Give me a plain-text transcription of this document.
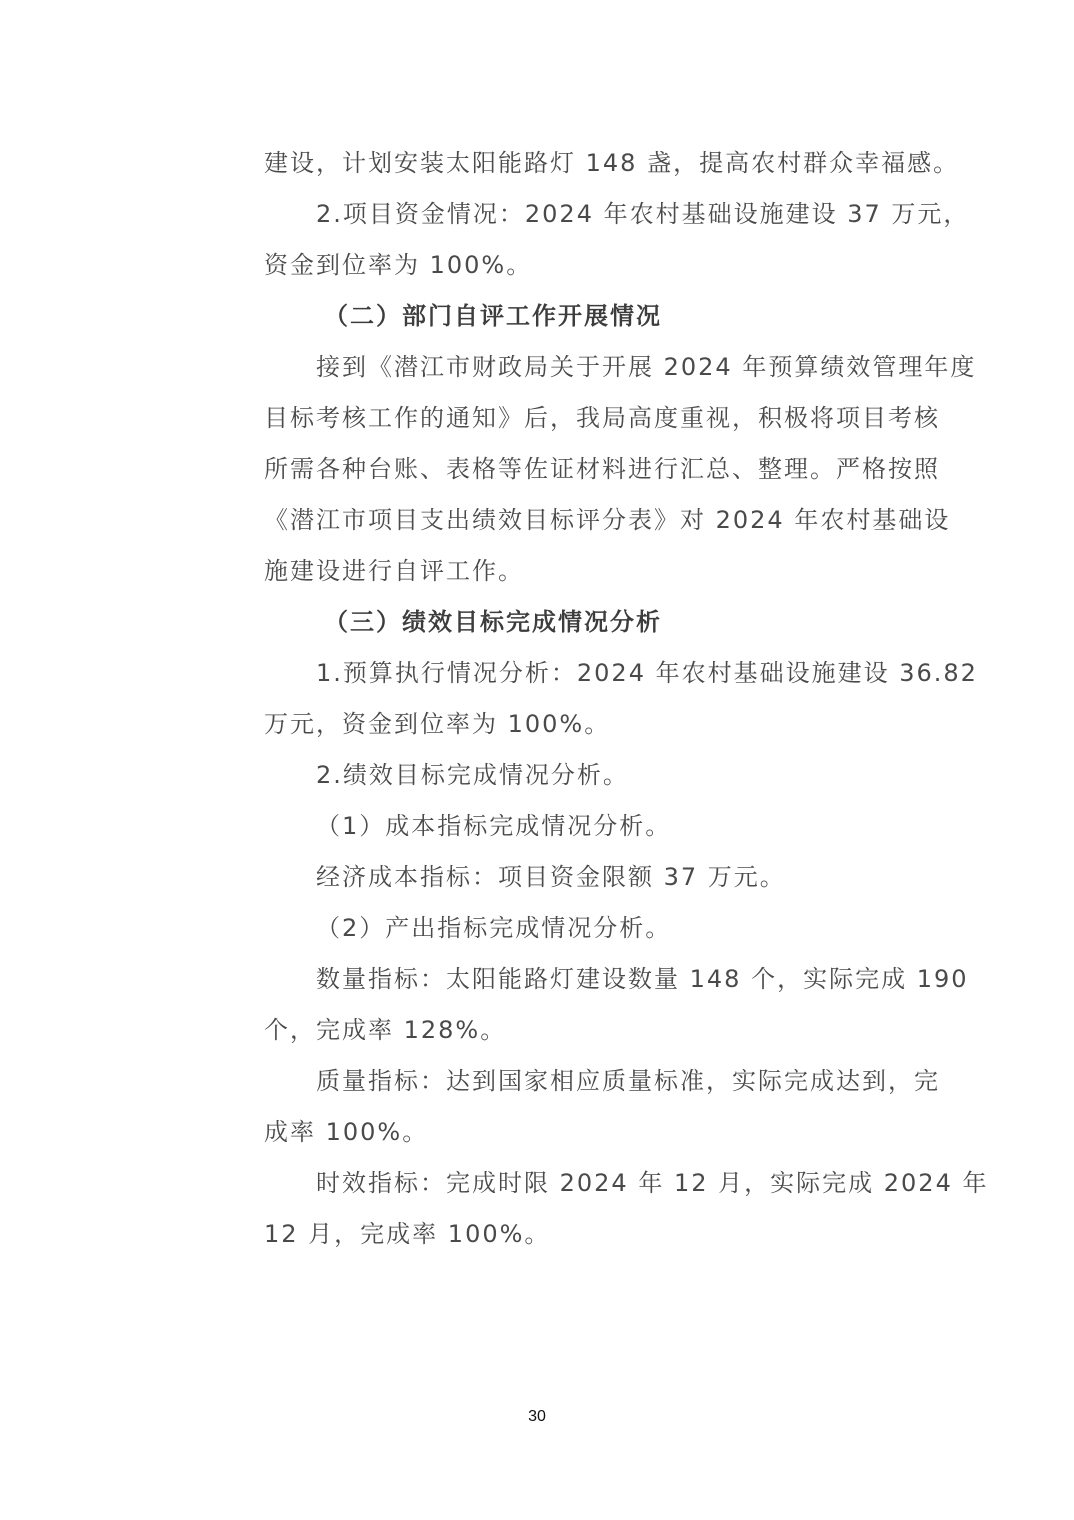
建设，计划安装太阳能路灯 148 盏，提高农村群众幸福感。
2.项目资金情况：2024 年农村基础设施建设 37 万元，
资金到位率为 100%。
（二）部门自评工作开展情况
接到《潜江市财政局关于开展 2024 年预算绩效管理年度
目标考核工作的通知》后，我局高度重视，积极将项目考核
所需各种台账、表格等佐证材料进行汇总、整理。严格按照
《潜江市项目支出绩效目标评分表》对 2024 年农村基础设
施建设进行自评工作。
（三）绩效目标完成情况分析
1.预算执行情况分析：2024 年农村基础设施建设 36.82
万元，资金到位率为 100%。
2.绩效目标完成情况分析。
（1）成本指标完成情况分析。
经济成本指标：项目资金限额 37 万元。
（2）产出指标完成情况分析。
数量指标：太阳能路灯建设数量 148 个，实际完成 190
个，完成率 128%。
质量指标：达到国家相应质量标准，实际完成达到，完
成率 100%。
时效指标：完成时限 2024 年 12 月，实际完成 2024 年
12 月，完成率 100%。
30
